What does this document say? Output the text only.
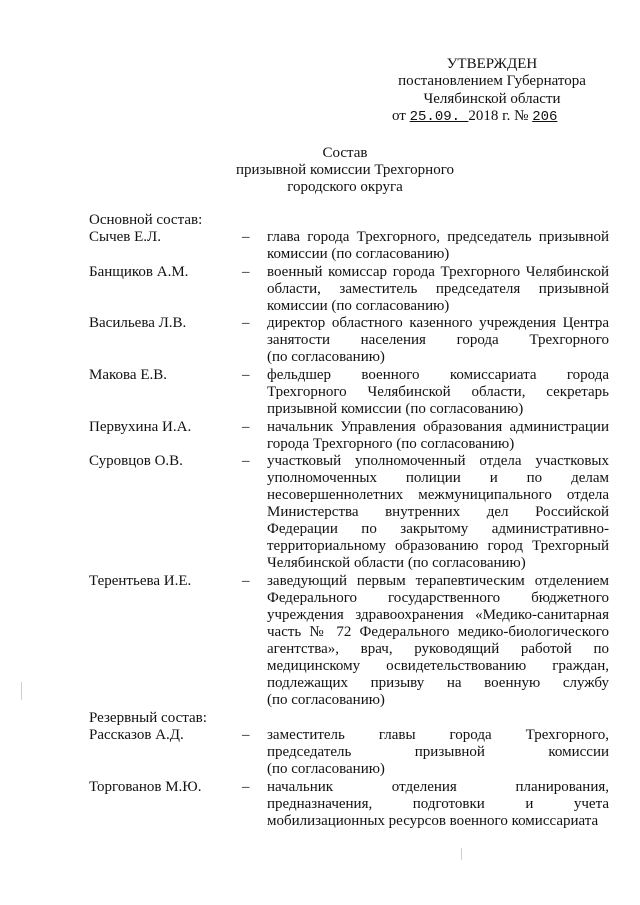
УТВЕРЖДЕН
постановлением Губернатора
Челябинской области
от 25.09. 2018 г. № 206
Состав
призывной комиссии Трехгорного
городского округа
Основной состав:
Сычев Е.Л.	– глава города Трехгорного, председатель призывной
комиссии (по согласованию)
Банщиков А.М.	– военный комиссар города Трехгорного Челябинской
области, заместитель председателя призывной
комиссии (по согласованию)
Васильева Л.В.	– директор областного казенного учреждения Центра
занятости населения города Трехгорного
(по согласованию)
Макова Е.В.	– фельдшер военного комиссариата города
Трехгорного Челябинской области, секретарь
призывной комиссии (по согласованию)
Первухина И.А.	– начальник Управления образования администрации
города Трехгорного (по согласованию)
Суровцов О.В.	– участковый уполномоченный отдела участковых
уполномоченных полиции и по делам
несовершеннолетних межмуниципального отдела
Министерства внутренних дел Российской
Федерации по закрытому административно-
территориальному образованию город Трехгорный
Челябинской области (по согласованию)
Терентьева И.Е.	– заведующий первым терапевтическим отделением
Федерального государственного бюджетного
учреждения здравоохранения «Медико-санитарная
часть № 72 Федерального медико-биологического
агентства», врач, руководящий работой по
медицинскому освидетельствованию граждан,
подлежащих призыву на военную службу
(по согласованию)
Резервный состав:
Рассказов А.Д.	– заместитель главы города Трехгорного,
председатель призывной комиссии
(по согласованию)
Торгованов М.Ю.	– начальник отделения планирования,
предназначения, подготовки и учета
мобилизационных ресурсов военного комиссариата
